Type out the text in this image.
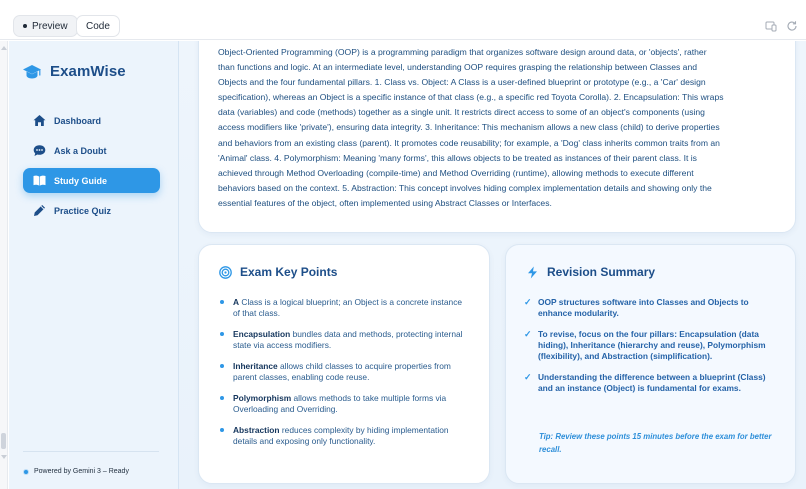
Preview Code
ExamWise
Dashboard
Ask a Doubt
Study Guide
Practice Quiz
Powered by Gemini 3 – Ready
Object-Oriented Programming (OOP) is a programming paradigm that organizes software design around data, or 'objects', rather
than functions and logic. At an intermediate level, understanding OOP requires grasping the relationship between Classes and
Objects and the four fundamental pillars. 1. Class vs. Object: A Class is a user-defined blueprint or prototype (e.g., a 'Car' design
specification), whereas an Object is a specific instance of that class (e.g., a specific red Toyota Corolla). 2. Encapsulation: This wraps
data (variables) and code (methods) together as a single unit. It restricts direct access to some of an object's components (using
access modifiers like 'private'), ensuring data integrity. 3. Inheritance: This mechanism allows a new class (child) to derive properties
and behaviors from an existing class (parent). It promotes code reusability; for example, a 'Dog' class inherits common traits from an
'Animal' class. 4. Polymorphism: Meaning 'many forms', this allows objects to be treated as instances of their parent class. It is
achieved through Method Overloading (compile-time) and Method Overriding (runtime), allowing methods to execute different
behaviors based on the context. 5. Abstraction: This concept involves hiding complex implementation details and showing only the
essential features of the object, often implemented using Abstract Classes or Interfaces.
Exam Key Points
A Class is a logical blueprint; an Object is a concrete instance of that class.
Encapsulation bundles data and methods, protecting internal state via access modifiers.
Inheritance allows child classes to acquire properties from parent classes, enabling code reuse.
Polymorphism allows methods to take multiple forms via Overloading and Overriding.
Abstraction reduces complexity by hiding implementation details and exposing only functionality.
Revision Summary
✓ OOP structures software into Classes and Objects to enhance modularity.
✓ To revise, focus on the four pillars: Encapsulation (data hiding), Inheritance (hierarchy and reuse), Polymorphism (flexibility), and Abstraction (simplification).
✓ Understanding the difference between a blueprint (Class) and an instance (Object) is fundamental for exams.
Tip: Review these points 15 minutes before the exam for better recall.
